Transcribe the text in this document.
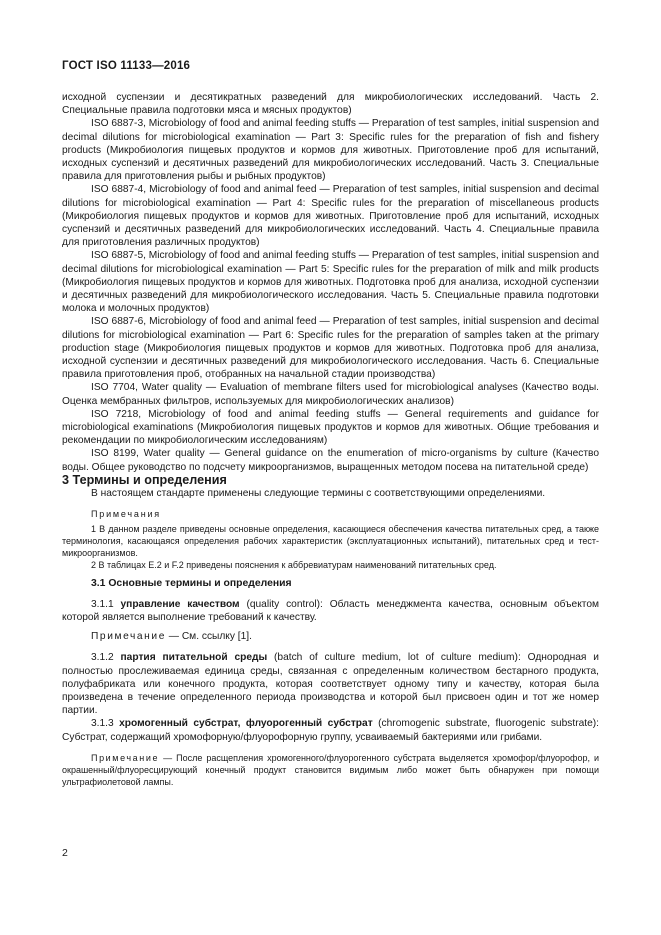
ГОСТ ISO 11133—2016

исходной суспензии и десятикратных разведений для микробиологических исследований. Часть 2. Специальные правила подготовки мяса и мясных продуктов)

ISO 6887-3, Microbiology of food and animal feeding stuffs — Preparation of test samples, initial suspension and decimal dilutions for microbiological examination — Part 3: Specific rules for the preparation of fish and fishery products (Микробиология пищевых продуктов и кормов для животных. Приготовление проб для испытаний, исходных суспензий и десятичных разведений для микробиологических исследований. Часть 3. Специальные правила для приготовления рыбы и рыбных продуктов)

ISO 6887-4, Microbiology of food and animal feed — Preparation of test samples, initial suspension and decimal dilutions for microbiological examination — Part 4: Specific rules for the preparation of miscellaneous products (Микробиология пищевых продуктов и кормов для животных. Приготовление проб для испытаний, исходных суспензий и десятичных разведений для микробиологических исследований. Часть 4. Специальные правила для приготовления различных продуктов)

ISO 6887-5, Microbiology of food and animal feeding stuffs — Preparation of test samples, initial suspension and decimal dilutions for microbiological examination — Part 5: Specific rules for the preparation of milk and milk products (Микробиология пищевых продуктов и кормов для животных. Подготовка проб для анализа, исходной суспензии и десятичных разведений для микробиологического исследования. Часть 5. Специальные правила подготовки молока и молочных продуктов)

ISO 6887-6, Microbiology of food and animal feed — Preparation of test samples, initial suspension and decimal dilutions for microbiological examination — Part 6: Specific rules for the preparation of samples taken at the primary production stage (Микробиология пищевых продуктов и кормов для животных. Подготовка проб для анализа, исходной суспензии и десятичных разведений для микробиологического исследования. Часть 6. Специальные правила приготовления проб, отобранных на начальной стадии производства)

ISO 7704, Water quality — Evaluation of membrane filters used for microbiological analyses (Качество воды. Оценка мембранных фильтров, используемых для микробиологических анализов)

ISO 7218, Microbiology of food and animal feeding stuffs — General requirements and guidance for microbiological examinations (Микробиология пищевых продуктов и кормов для животных. Общие требования и рекомендации по микробиологическим исследованиям)

ISO 8199, Water quality — General guidance on the enumeration of micro-organisms by culture (Качество воды. Общее руководство по подсчету микроорганизмов, выращенных методом посева на питательной среде)

3 Термины и определения

В настоящем стандарте применены следующие термины с соответствующими определениями.

Примечания

1 В данном разделе приведены основные определения, касающиеся обеспечения качества питательных сред, а также терминология, касающаяся определения рабочих характеристик (эксплуатационных испытаний), питательных сред и тест-микроорганизмов.

2 В таблицах Е.2 и F.2 приведены пояснения к аббревиатурам наименований питательных сред.

3.1 Основные термины и определения

3.1.1 управление качеством (quality control): Область менеджмента качества, основным объектом которой является выполнение требований к качеству.

Примечание — См. ссылку [1].

3.1.2 партия питательной среды (batch of culture medium, lot of culture medium): Однородная и полностью прослеживаемая единица среды, связанная с определенным количеством бестарного продукта, полуфабриката или конечного продукта, которая соответствует одному типу и качеству, которая была произведена в течение определенного периода производства и которой был присвоен один и тот же номер партии.

3.1.3 хромогенный субстрат, флуорогенный субстрат (chromogenic substrate, fluorogenic substrate): Субстрат, содержащий хромофорную/флуорофорную группу, усваиваемый бактериями или грибами.

Примечание — После расщепления хромогенного/флуорогенного субстрата выделяется хромофор/флуорофор, и окрашенный/флуоресцирующий конечный продукт становится видимым либо может быть обнаружен при помощи ультрафиолетовой лампы.

2
